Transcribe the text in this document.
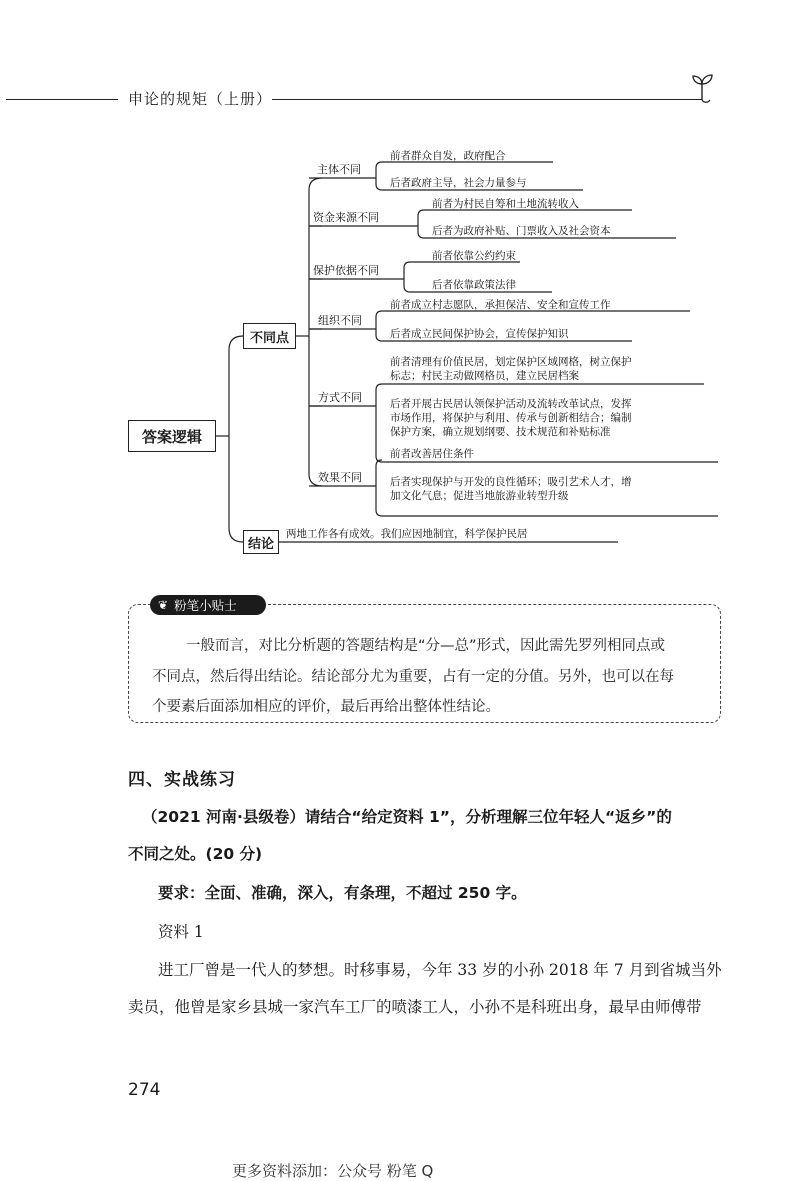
申论的规矩（上册）
答案逻辑
不同点
结论
主体不同
资金来源不同
保护依据不同
组织不同
方式不同
效果不同
前者群众自发，政府配合
后者政府主导，社会力量参与
前者为村民自筹和土地流转收入
后者为政府补贴、门票收入及社会资本
前者依靠公约约束
后者依靠政策法律
前者成立村志愿队，承担保洁、安全和宣传工作
后者成立民间保护协会，宣传保护知识
前者清理有价值民居，划定保护区域网格，树立保护
标志；村民主动做网格员，建立民居档案
后者开展古民居认领保护活动及流转改革试点，发挥
市场作用，将保护与利用、传承与创新相结合；编制
保护方案，确立规划纲要、技术规范和补贴标准
前者改善居住条件
后者实现保护与开发的良性循环；吸引艺术人才，增
加文化气息；促进当地旅游业转型升级
两地工作各有成效。我们应因地制宜，科学保护民居
❦ 粉笔小贴士
一般而言，对比分析题的答题结构是“分—总”形式，因此需先罗列相同点或
不同点，然后得出结论。结论部分尤为重要，占有一定的分值。另外，也可以在每
个要素后面添加相应的评价，最后再给出整体性结论。
四、实战练习
（2021 河南·县级卷）请结合“给定资料 1”，分析理解三位年轻人“返乡”的
不同之处。(20 分)
要求：全面、准确，深入，有条理，不超过 250 字。
资料 1
进工厂曾是一代人的梦想。时移事易，今年 33 岁的小孙 2018 年 7 月到省城当外
卖员，他曾是家乡县城一家汽车工厂的喷漆工人，小孙不是科班出身，最早由师傅带
274
更多资料添加：公众号 粉笔 Q
